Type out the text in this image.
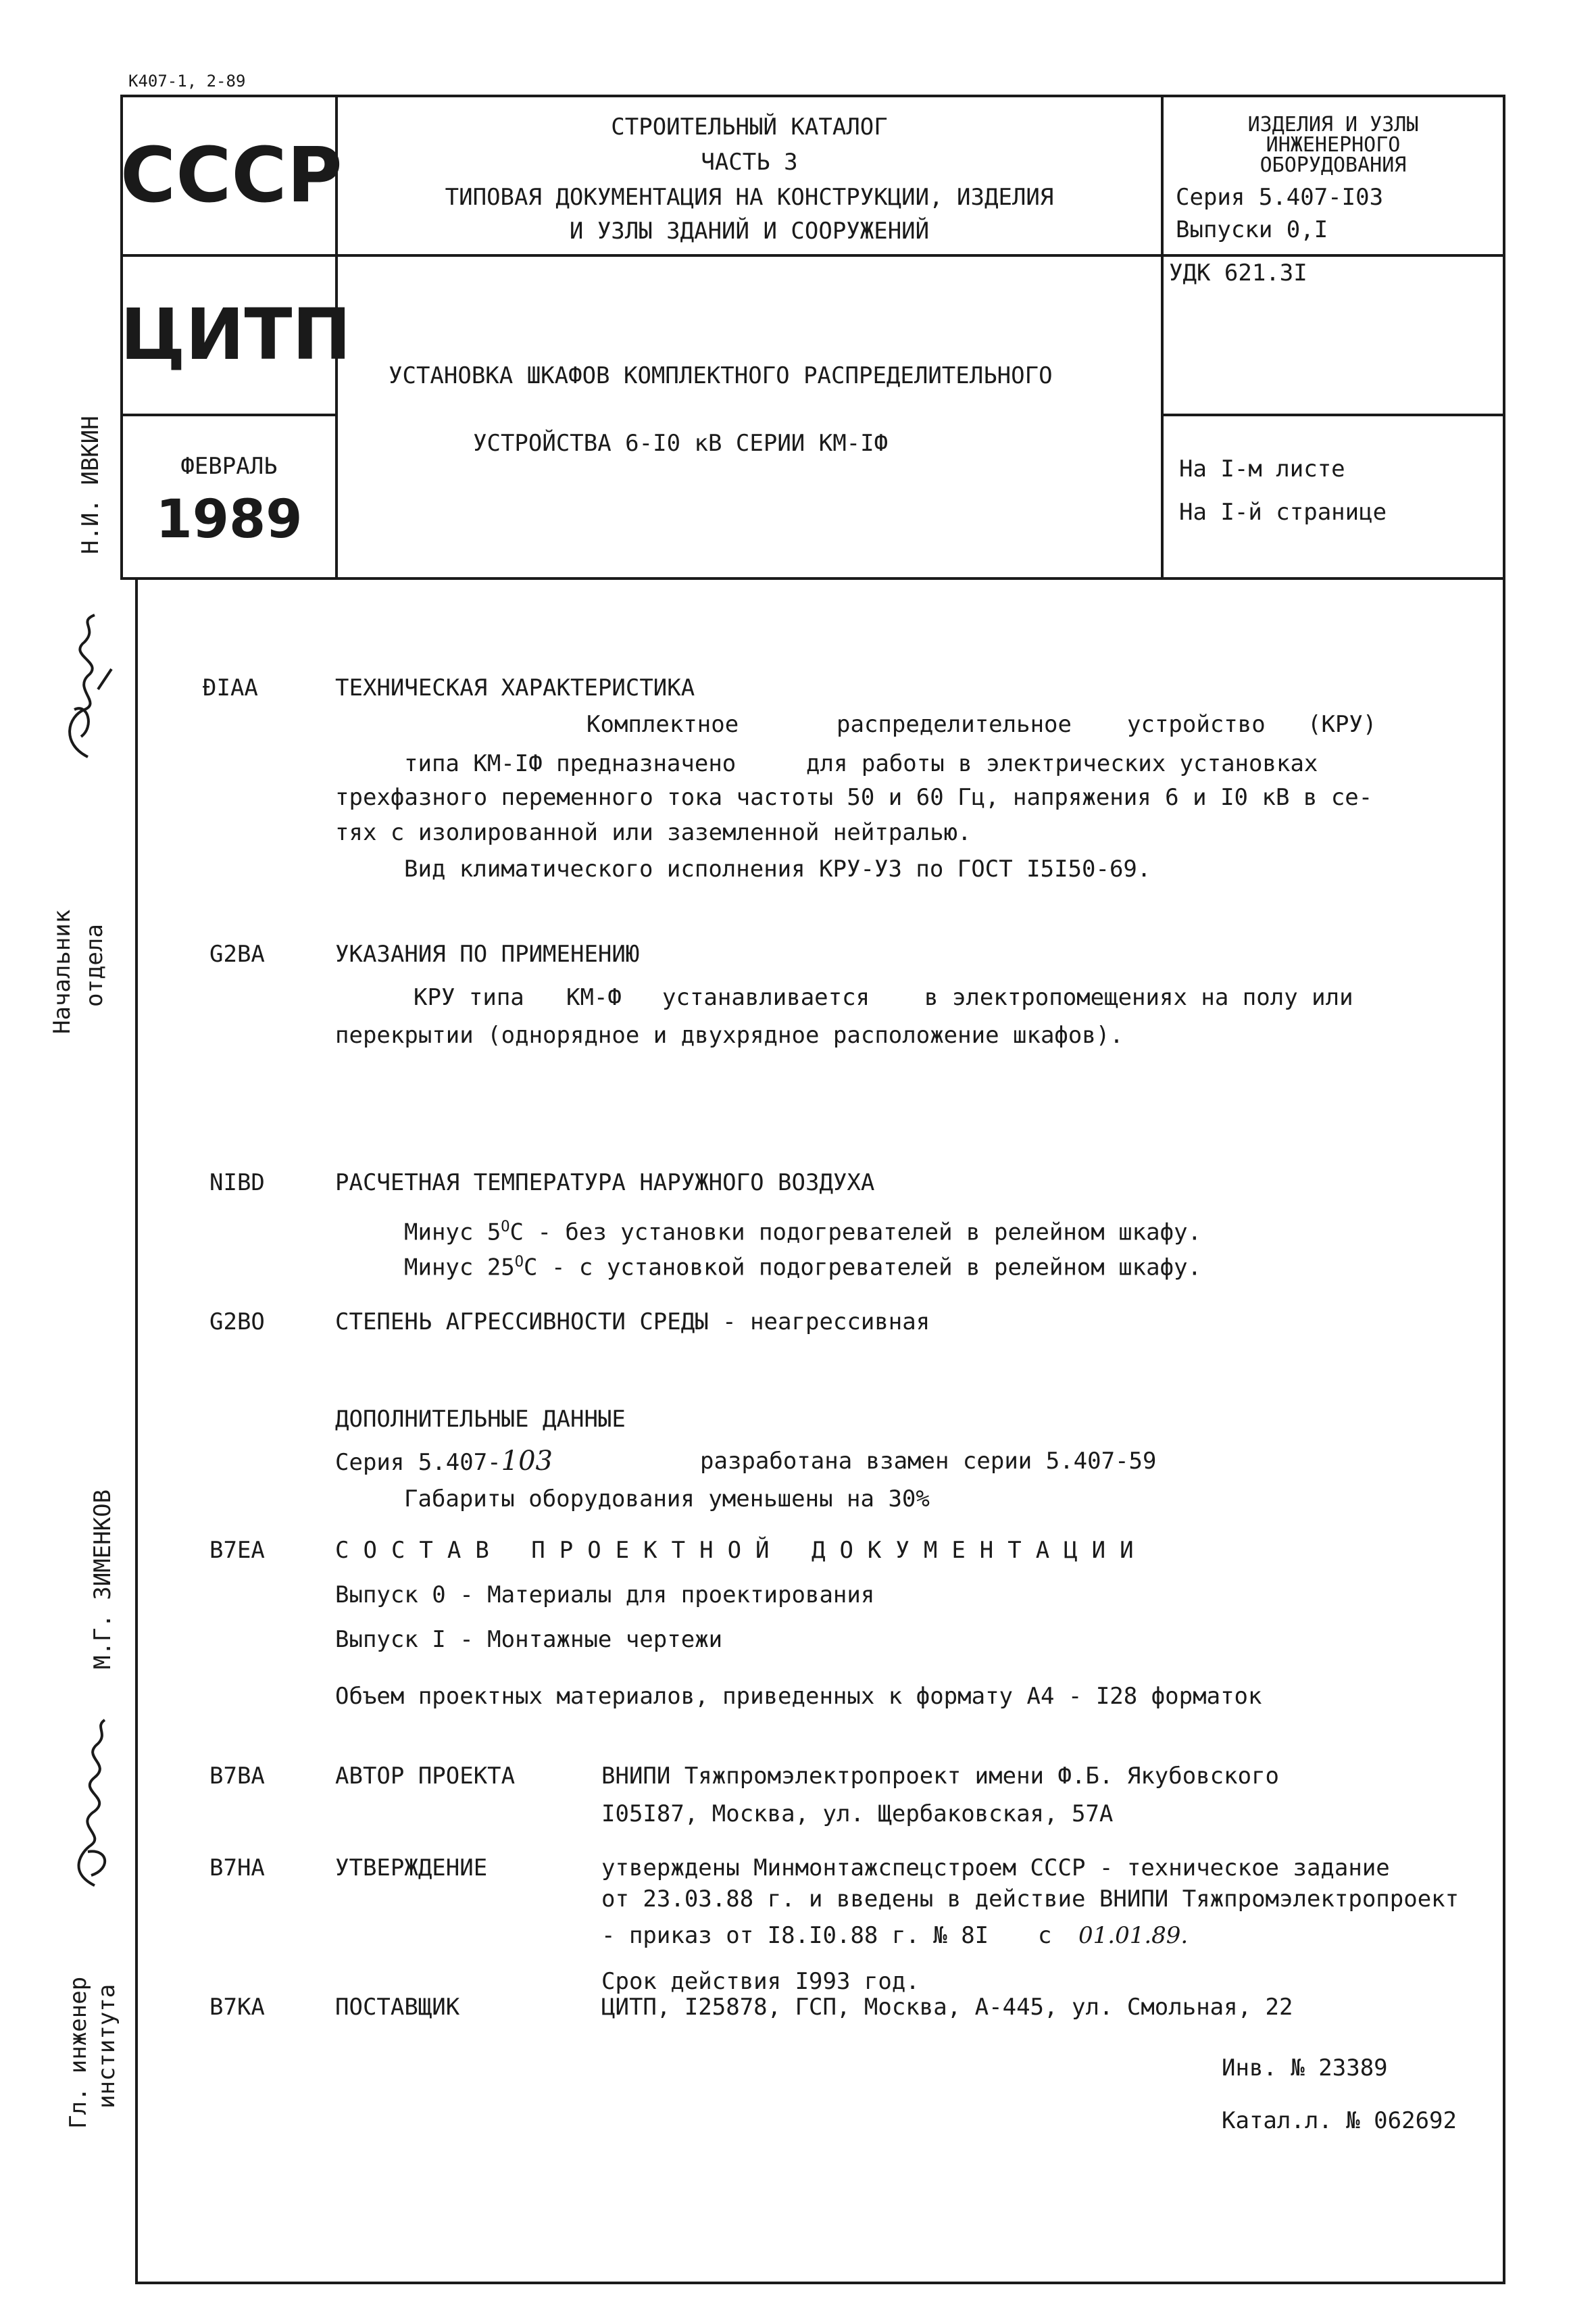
K407-1, 2-89
СССР
ЦИТП
ФЕВРАЛЬ
1989
СТРОИТЕЛЬНЫЙ КАТАЛОГ
ЧАСТЬ 3
ТИПОВАЯ ДОКУМЕНТАЦИЯ НА КОНСТРУКЦИИ, ИЗДЕЛИЯ
И УЗЛЫ ЗДАНИЙ И СООРУЖЕНИЙ
УСТАНОВКА ШКАФОВ КОМПЛЕКТНОГО РАСПРЕДЕЛИТЕЛЬНОГО
УСТРОЙСТВА 6-I0 кВ СЕРИИ КМ-IФ
ИЗДЕЛИЯ И УЗЛЫ
ИНЖЕНЕРНОГО
ОБОРУДОВАНИЯ
Серия 5.407-I03
Выпуски 0,I
УДК 621.3I
На I-м листе
На I-й странице
Н.И. ИВКИН
Начальник отдела
М.Г. ЗИМЕНКОВ
Гл. инженер института
ĐIAA	ТЕХНИЧЕСКАЯ ХАРАКТЕРИСТИКА
Комплектное	распределительное устройство (КРУ)
типа КМ-IФ предназначено	для работы в электрических установках
трехфазного переменного тока частоты 50 и 60 Гц, напряжения 6 и I0 кВ в се-
тях с изолированной или заземленной нейтралью.
Вид климатического исполнения КРУ-УЗ по ГОСТ I5I50-69.
G2BA	УКАЗАНИЯ ПО ПРИМЕНЕНИЮ
КРУ типа КМ-Ф устанавливается в электропомещениях на полу или
перекрытии (однорядное и двухрядное расположение шкафов).
NIBD	РАСЧЕТНАЯ ТЕМПЕРАТУРА НАРУЖНОГО ВОЗДУХА
Минус $5^OC$ - без установки подогревателей в релейном шкафу.
Минус $25^OC$ - с установкой подогревателей в релейном шкафу.
G2BO	СТЕПЕНЬ АГРЕССИВНОСТИ СРЕДЫ - неагрессивная
ДОПОЛНИТЕЛЬНЫЕ ДАННЫЕ
Серия 5.407-103	разработана взамен серии 5.407-59
Габариты оборудования уменьшены на 30%
B7EA	СОСТАВ ПРОЕКТНОЙ ДОКУМЕНТАЦИИ
Выпуск 0 - Материалы для проектирования
Выпуск I - Монтажные чертежи
Объем проектных материалов, приведенных к формату А4 - I28 форматок
B7BA	АВТОР ПРОЕКТА	ВНИПИ Тяжпромэлектропроект имени Ф.Б. Якубовского
I05I87, Москва, ул. Щербаковская, 57А
B7HA	УТВЕРЖДЕНИЕ	утверждены Минмонтажспецстроем СССР - техническое задание
от 23.03.88 г. и введены в действие ВНИПИ Тяжпромэлектропроект
- приказ от I8.I0.88 г. № 8I с 01.01.89.
Срок действия I993 год.
B7KA	ПОСТАВЩИК	ЦИТП, I25878, ГСП, Москва, А-445, ул. Смольная, 22
Инв. № 23389
Катал.л. № 062692
